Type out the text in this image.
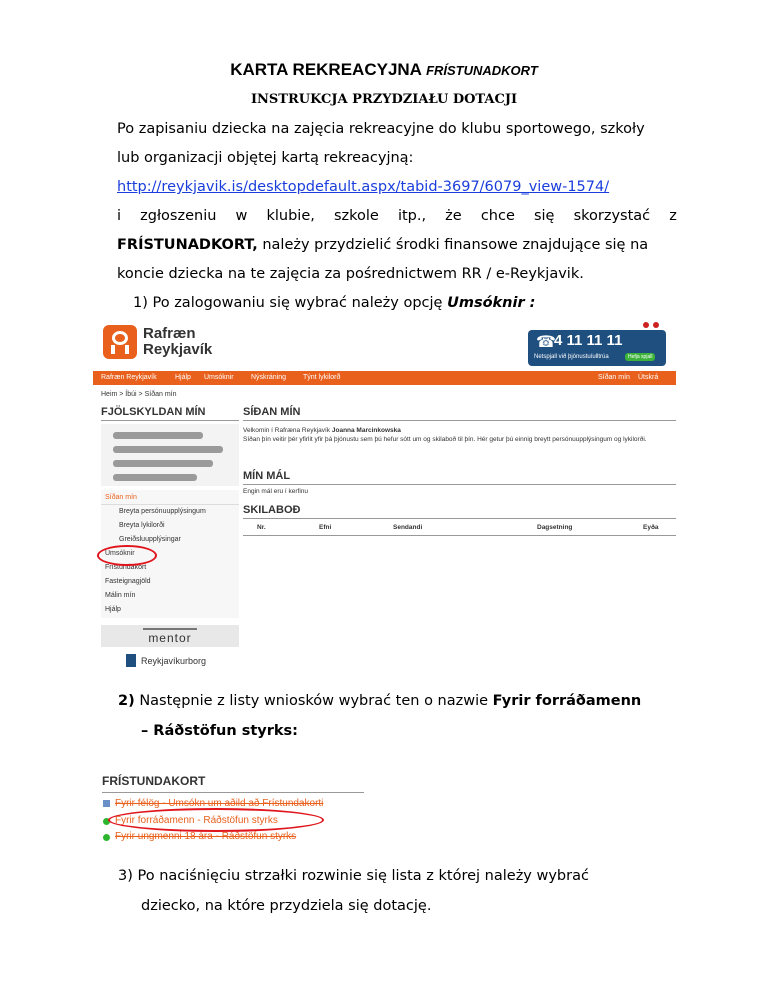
KARTA REKREACYJNA FRÍSTUNADKORT
INSTRUKCJA PRZYDZIAŁU DOTACJI
Po zapisaniu dziecka na zajęcia rekreacyjne do klubu sportowego, szkoły
lub organizacji objętej kartą rekreacyjną:
http://reykjavik.is/desktopdefault.aspx/tabid-3697/6079_view-1574/
i zgłoszeniu w klubie, szkole itp., że chce się skorzystać z
FRÍSTUNADKORT, należy przydzielić środki finansowe znajdujące się na
koncie dziecka na te zajęcia za pośrednictwem RR / e-Reykjavik.
1) Po zalogowaniu się wybrać należy opcję Umsóknir :
Rafræn
Reykjavík	☎
4 11 11 11
Netspjall við þjónustuíulltrúa	Hefja spjall
Rafræn Reykjavík	Hjálp Umsóknir Nýskráning Týnt lykilorð	Síðan mín Útskrá
Heim > Íbúi > Síðan mín
FJÖLSKYLDAN MÍN
Síðan mín
Breyta persónuupplýsingum
Breyta lykilorði
Greiðsluupplýsingar
Umsóknir
Frístundakort
Fasteignagjöld
Málin mín
Hjálp
mentor
Reykjavíkurborg
SÍÐAN MÍN
Velkomin í Rafræna Reykjavík Joanna Marcinkowska
Síðan þín veitir þér yfirlit yfir þá þjónustu sem þú hefur sótt um og skilaboð til þín. Hér getur þú einnig breytt persónuupplýsingum og lykilorði.
MÍN MÁL
Engin mál eru í kerfinu
SKILABOÐ
Nr.	Efni	Sendandi	Dagsetning	Eyða
2) Następnie z listy wniosków wybrać ten o nazwie Fyrir forráðamenn
– Ráðstöfun styrks:
FRÍSTUNDAKORT
Fyrir félög - Umsókn um aðild að Frístundakorti
Fyrir forráðamenn - Ráðstöfun styrks
Fyrir ungmenni 18 ára - Ráðstöfun styrks
3) Po naciśnięciu strzałki rozwinie się lista z której należy wybrać
dziecko, na które przydziela się dotację.
